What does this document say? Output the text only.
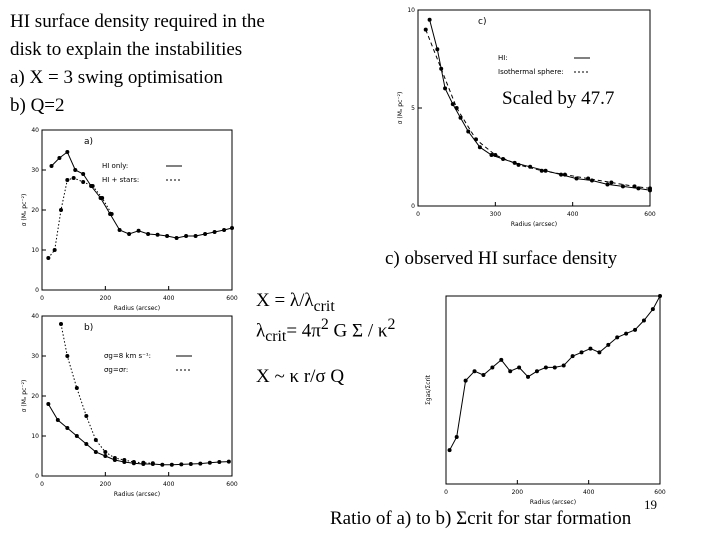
HI surface density required in the
disk to explain the instabilities
a) X = 3 swing optimisation
b) Q=2
0	200	400	600
0
10
20
30
40
Radius (arcsec)
σ (Mₒ pc⁻²)
a)
HI only:
HI + stars:
0	200	400	600
0
10
20
30
40
Radius (arcsec)
σ (Mₒ pc⁻²)
b)
σg=8 km s⁻¹:
σg=σr:
0	300	400	600
0
5
10
Radius (arcsec)
σ (Mₒ pc⁻²)
c)
HI:
Isothermal sphere:
0	200	400	600
Radius (arcsec)
Σgas/Σcrit
Scaled by 47.7
c) observed HI surface density
$X = \lambda/\lambda_{crit}$
$\lambda_{crit}= 4\pi^2$ G Σ / $\kappa^2$
X ~ κ r/σ Q
19
Ratio of a) to b) Σcrit for star formation
